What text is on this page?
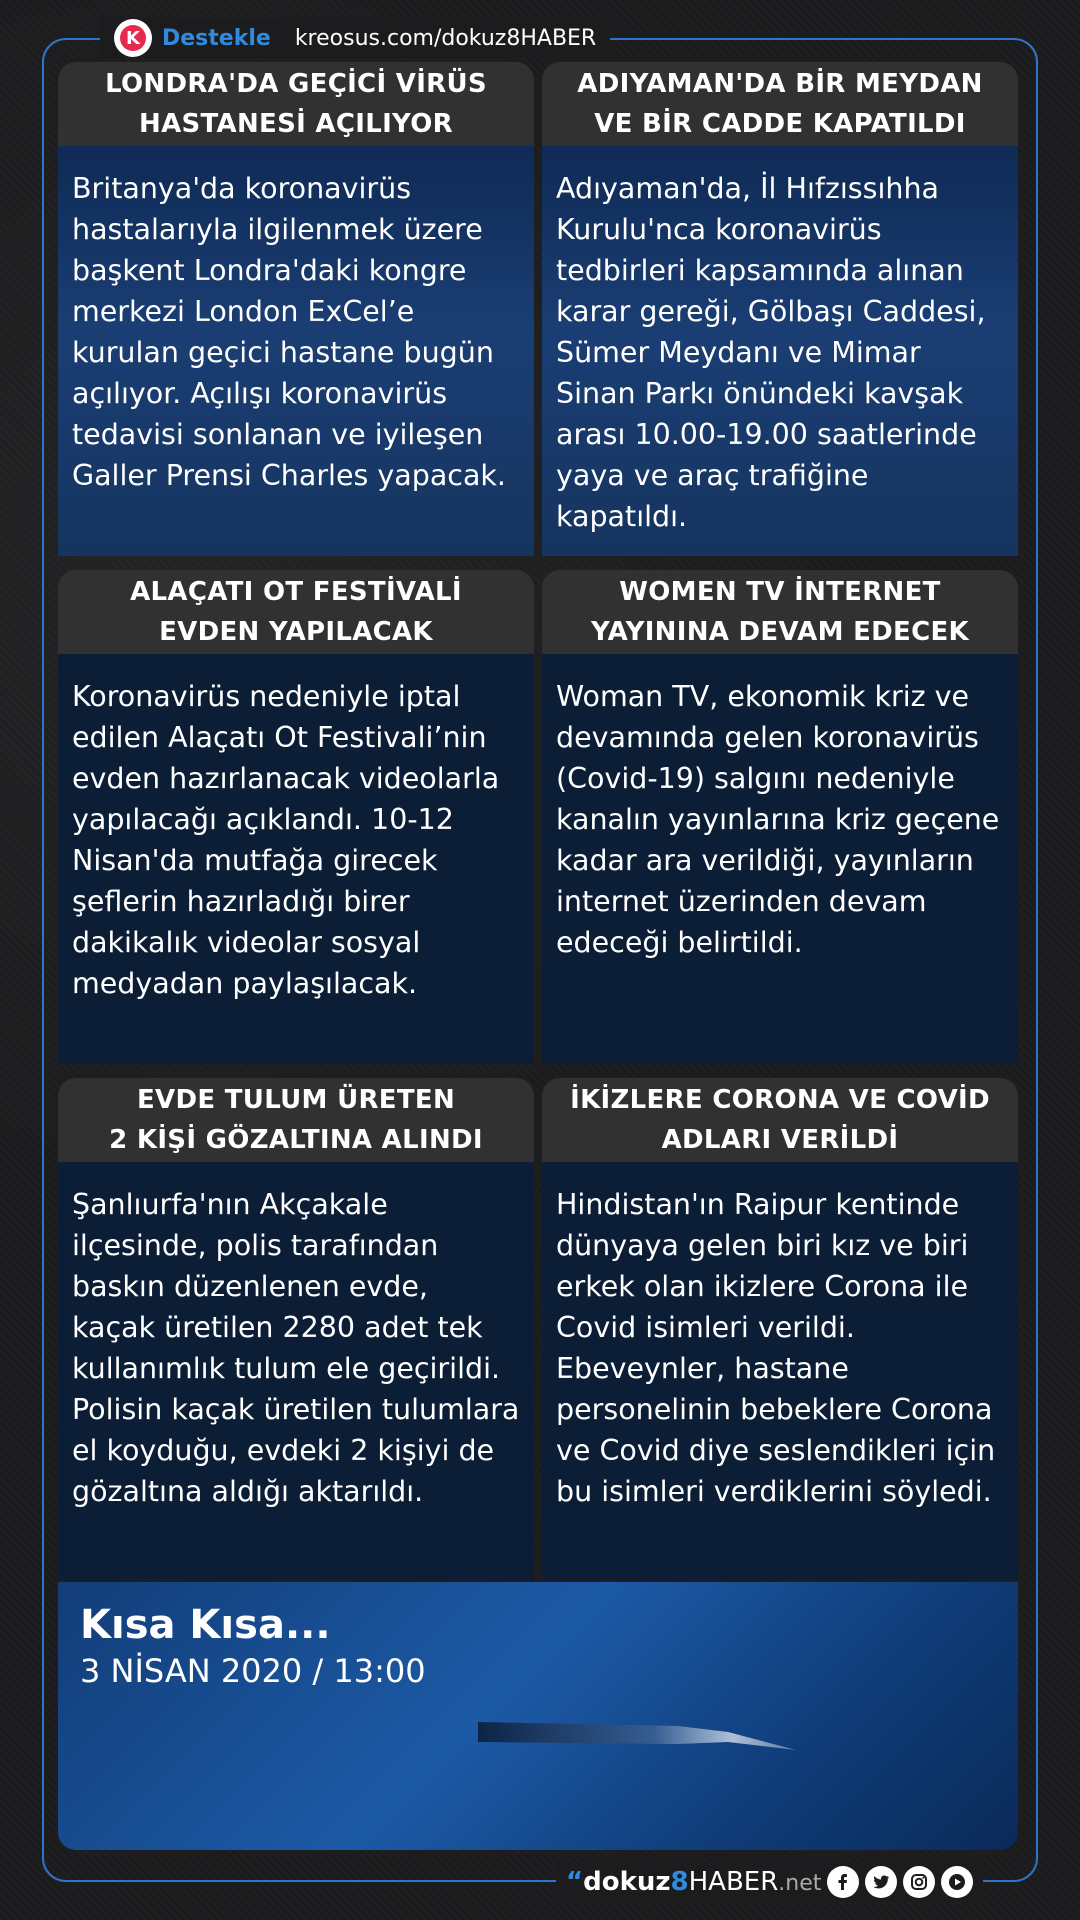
K Destekle kreosus.com/dokuz8HABER
LONDRA'DA GEÇİCİ VİRÜS
HASTANESİ AÇILIYOR
Britanya'da koronavirüs hastalarıyla ilgilenmek üzere başkent Londra'daki kongre merkezi London ExCel’e kurulan geçici hastane bugün açılıyor. Açılışı koronavirüs tedavisi sonlanan ve iyileşen Galler Prensi Charles yapacak.
ADIYAMAN'DA BİR MEYDAN
VE BİR CADDE KAPATILDI
Adıyaman'da, İl Hıfzıssıhha Kurulu'nca koronavirüs tedbirleri kapsamında alınan karar gereği, Gölbaşı Caddesi, Sümer Meydanı ve Mimar Sinan Parkı önündeki kavşak arası 10.00-19.00 saatlerinde yaya ve araç trafiğine kapatıldı.
ALAÇATI OT FESTİVALİ
EVDEN YAPILACAK
Koronavirüs nedeniyle iptal edilen Alaçatı Ot Festivali’nin evden hazırlanacak videolarla yapılacağı açıklandı. 10-12 Nisan'da mutfağa girecek şeflerin hazırladığı birer dakikalık videolar sosyal medyadan paylaşılacak.
WOMEN TV İNTERNET
YAYININA DEVAM EDECEK
Woman TV, ekonomik kriz ve devamında gelen koronavirüs (Covid-19) salgını nedeniyle kanalın yayınlarına kriz geçene kadar ara verildiği, yayınların internet üzerinden devam edeceği belirtildi.
EVDE TULUM ÜRETEN
2 KİŞİ GÖZALTINA ALINDI
Şanlıurfa'nın Akçakale ilçesinde, polis tarafından baskın düzenlenen evde, kaçak üretilen 2280 adet tek kullanımlık tulum ele geçirildi. Polisin kaçak üretilen tulumlara el koyduğu, evdeki 2 kişiyi de gözaltına aldığı aktarıldı.
İKİZLERE CORONA VE COVİD
ADLARI VERİLDİ
Hindistan'ın Raipur kentinde dünyaya gelen biri kız ve biri erkek olan ikizlere Corona ile Covid isimleri verildi. Ebeveynler, hastane personelinin bebeklere Corona ve Covid diye seslendikleri için bu isimleri verdiklerini söyledi.
Kısa Kısa...
3 NİSAN 2020 / 13:00
“dokuz8HABER.net
